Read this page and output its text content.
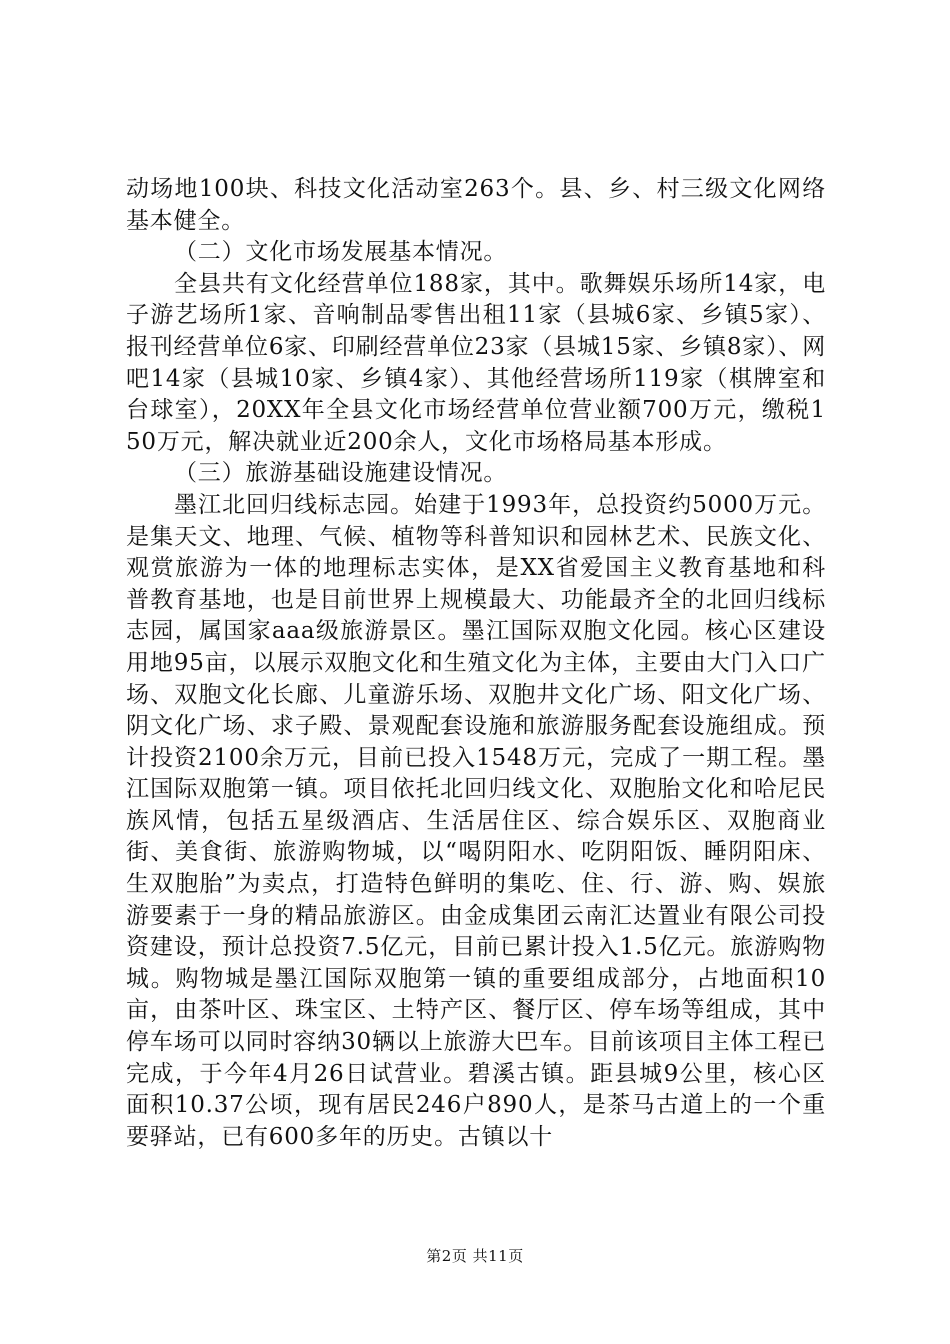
动场地100块、科技文化活动室263个。县、乡、村三级文化网络基本健全。

（二）文化市场发展基本情况。

全县共有文化经营单位188家，其中。歌舞娱乐场所14家，电子游艺场所1家、音响制品零售出租11家（县城6家、乡镇5家）、报刊经营单位6家、印刷经营单位23家（县城15家、乡镇8家）、网吧14家（县城10家、乡镇4家）、其他经营场所119家（棋牌室和台球室），20XX年全县文化市场经营单位营业额700万元，缴税150万元，解决就业近200余人，文化市场格局基本形成。

（三）旅游基础设施建设情况。

墨江北回归线标志园。始建于1993年，总投资约5000万元。是集天文、地理、气候、植物等科普知识和园林艺术、民族文化、观赏旅游为一体的地理标志实体，是XX省爱国主义教育基地和科普教育基地，也是目前世界上规模最大、功能最齐全的北回归线标志园，属国家aaa级旅游景区。墨江国际双胞文化园。核心区建设用地95亩，以展示双胞文化和生殖文化为主体，主要由大门入口广场、双胞文化长廊、儿童游乐场、双胞井文化广场、阳文化广场、阴文化广场、求子殿、景观配套设施和旅游服务配套设施组成。预计投资2100余万元，目前已投入1548万元，完成了一期工程。墨江国际双胞第一镇。项目依托北回归线文化、双胞胎文化和哈尼民族风情，包括五星级酒店、生活居住区、综合娱乐区、双胞商业街、美食街、旅游购物城，以“喝阴阳水、吃阴阳饭、睡阴阳床、生双胞胎”为卖点，打造特色鲜明的集吃、住、行、游、购、娱旅游要素于一身的精品旅游区。由金成集团云南汇达置业有限公司投资建设，预计总投资7.5亿元，目前已累计投入1.5亿元。旅游购物城。购物城是墨江国际双胞第一镇的重要组成部分，占地面积10亩，由茶叶区、珠宝区、土特产区、餐厅区、停车场等组成，其中停车场可以同时容纳30辆以上旅游大巴车。目前该项目主体工程已完成，于今年4月26日试营业。碧溪古镇。距县城9公里，核心区面积10.37公顷，现有居民246户890人，是茶马古道上的一个重要驿站，已有600多年的历史。古镇以十

第2页 共11页
